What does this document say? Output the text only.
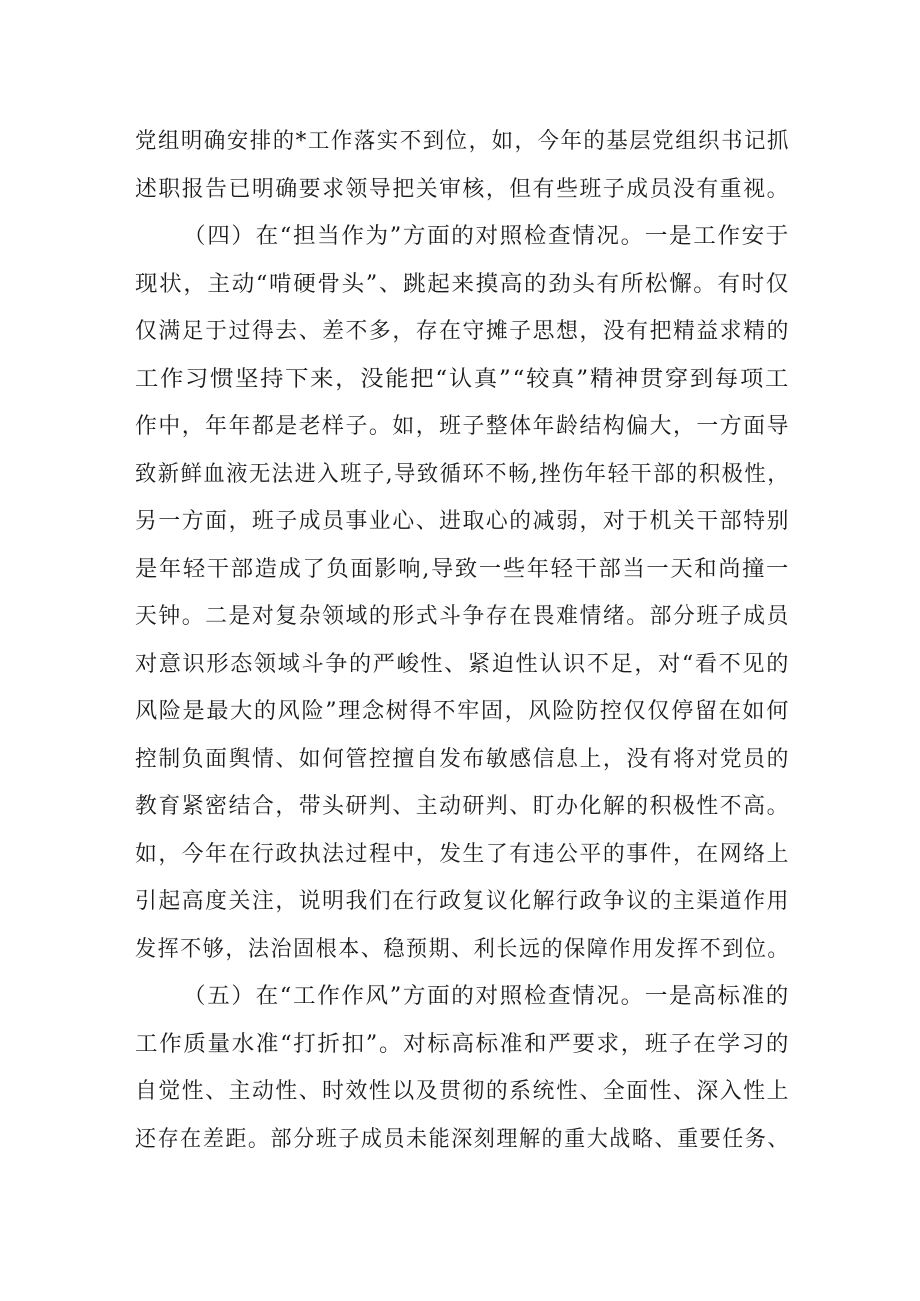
党组明确安排的*工作落实不到位，如，今年的基层党组织书记抓
述职报告已明确要求领导把关审核，但有些班子成员没有重视。
（四）在“担当作为”方面的对照检查情况。一是工作安于
现状，主动“啃硬骨头”、跳起来摸高的劲头有所松懈。有时仅
仅满足于过得去、差不多，存在守摊子思想，没有把精益求精的
工作习惯坚持下来，没能把“认真”“较真”精神贯穿到每项工
作中，年年都是老样子。如，班子整体年龄结构偏大，一方面导
致新鲜血液无法进入班子,导致循环不畅,挫伤年轻干部的积极性，
另一方面，班子成员事业心、进取心的减弱，对于机关干部特别
是年轻干部造成了负面影响,导致一些年轻干部当一天和尚撞一
天钟。二是对复杂领域的形式斗争存在畏难情绪。部分班子成员
对意识形态领域斗争的严峻性、紧迫性认识不足，对“看不见的
风险是最大的风险”理念树得不牢固，风险防控仅仅停留在如何
控制负面舆情、如何管控擅自发布敏感信息上，没有将对党员的
教育紧密结合，带头研判、主动研判、盯办化解的积极性不高。
如，今年在行政执法过程中，发生了有违公平的事件，在网络上
引起高度关注，说明我们在行政复议化解行政争议的主渠道作用
发挥不够，法治固根本、稳预期、利长远的保障作用发挥不到位。
（五）在“工作作风”方面的对照检查情况。一是高标准的
工作质量水准“打折扣”。对标高标准和严要求，班子在学习的
自觉性、主动性、时效性以及贯彻的系统性、全面性、深入性上
还存在差距。部分班子成员未能深刻理解的重大战略、重要任务、
